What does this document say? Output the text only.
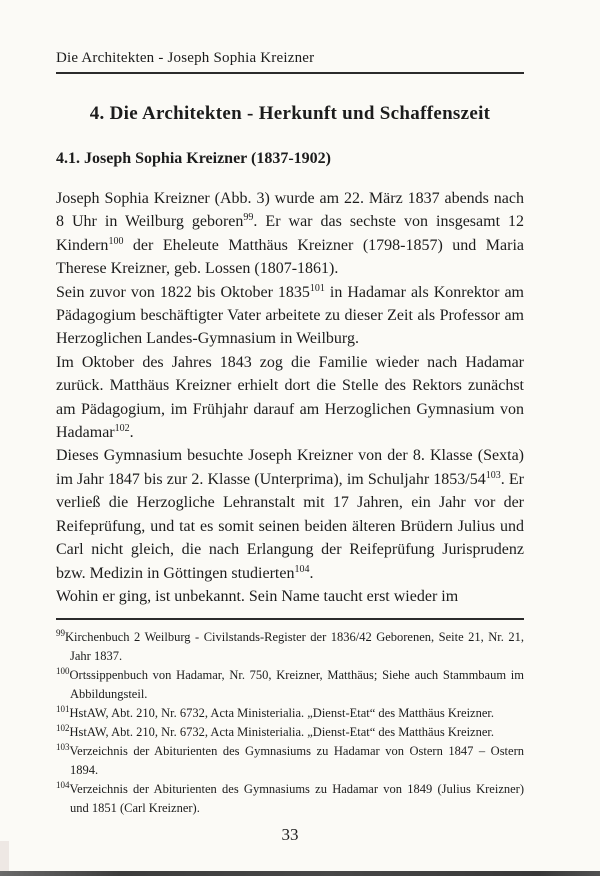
Die Architekten - Joseph Sophia Kreizner
4. Die Architekten - Herkunft und Schaffenszeit
4.1. Joseph Sophia Kreizner (1837-1902)

Joseph Sophia Kreizner (Abb. 3) wurde am 22. März 1837 abends nach 8 Uhr in Weilburg geboren$^{99}$. Er war das sechste von insgesamt 12 Kindern$^{100}$ der Eheleute Matthäus Kreizner (1798-1857) und Maria Therese Kreizner, geb. Lossen (1807-1861).

Sein zuvor von 1822 bis Oktober 1835$^{101}$ in Hadamar als Konrektor am Pädagogium beschäftigter Vater arbeitete zu dieser Zeit als Professor am Herzoglichen Landes-Gymnasium in Weilburg.

Im Oktober des Jahres 1843 zog die Familie wieder nach Hadamar zurück. Matthäus Kreizner erhielt dort die Stelle des Rektors zunächst am Pädagogium, im Frühjahr darauf am Herzoglichen Gymnasium von Hadamar$^{102}$.

Dieses Gymnasium besuchte Joseph Kreizner von der 8. Klasse (Sexta) im Jahr 1847 bis zur 2. Klasse (Unterprima), im Schuljahr $1853/54^{103}$. Er verließ die Herzogliche Lehranstalt mit 17 Jahren, ein Jahr vor der Reifeprüfung, und tat es somit seinen beiden älteren Brüdern Julius und Carl nicht gleich, die nach Erlangung der Reifeprüfung Jurisprudenz bzw. Medizin in Göttingen studierten$^{104}$.

Wohin er ging, ist unbekannt. Sein Name taucht erst wieder im

$^{99}$Kirchenbuch 2 Weilburg - Civilstands-Register der 1836/42 Geborenen, Seite 21, Nr. 21, Jahr 1837.
$^{100}$Ortssippenbuch von Hadamar, Nr. 750, Kreizner, Matthäus; Siehe auch Stammbaum im Abbildungsteil.
$^{101}$HstAW, Abt. 210, Nr. 6732, Acta Ministerialia. „Dienst-Etat“ des Matthäus Kreizner.
$^{102}$HstAW, Abt. 210, Nr. 6732, Acta Ministerialia. „Dienst-Etat“ des Matthäus Kreizner.
$^{103}$Verzeichnis der Abiturienten des Gymnasiums zu Hadamar von Ostern 1847 – Ostern 1894.
$^{104}$Verzeichnis der Abiturienten des Gymnasiums zu Hadamar von 1849 (Julius Kreizner) und 1851 (Carl Kreizner).
33
